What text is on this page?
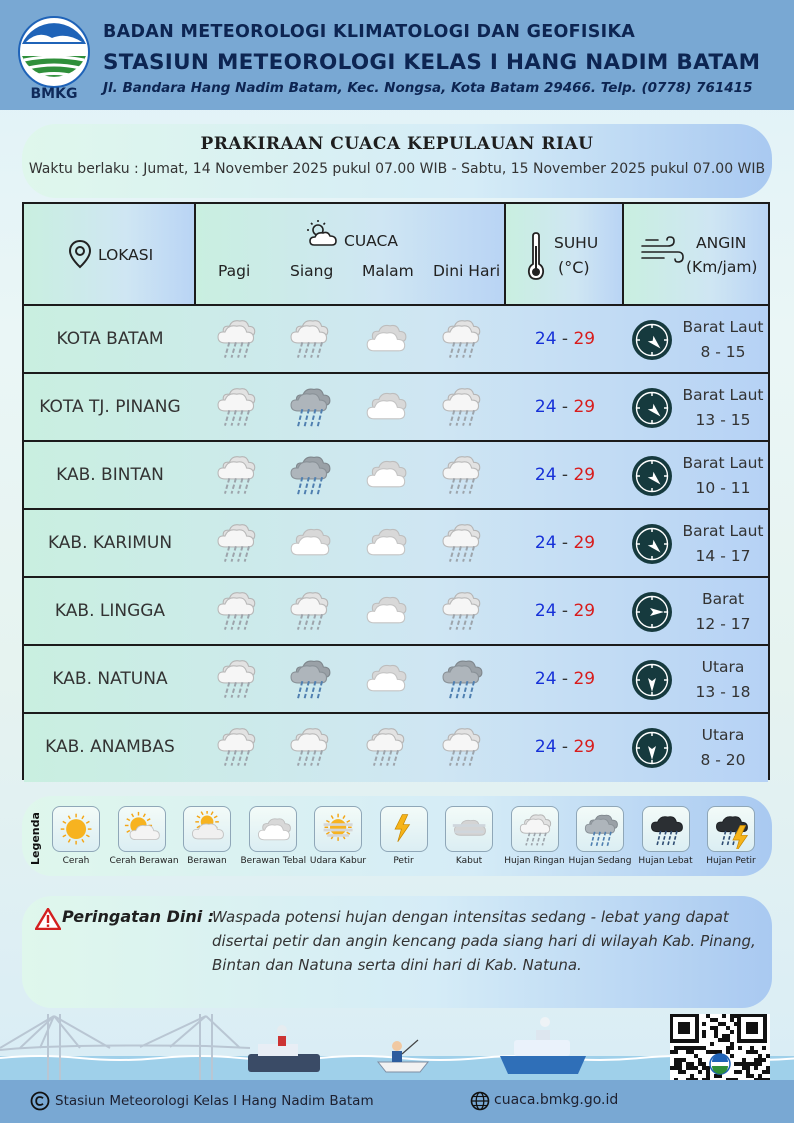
BMKG
BADAN METEOROLOGI KLIMATOLOGI DAN GEOFISIKA
STASIUN METEOROLOGI KELAS I HANG NADIM BATAM
Jl. Bandara Hang Nadim Batam, Kec. Nongsa, Kota Batam 29466. Telp. (0778) 761415
PRAKIRAAN CUACA KEPULAUAN RIAU
Waktu berlaku : Jumat, 14 November 2025 pukul 07.00 WIB - Sabtu, 15 November 2025 pukul 07.00 WIB
LOKASI
CUACA
Pagi	Siang Malam Dini Hari
SUHU
(°C)
ANGIN
(Km/jam)
KOTA BATAM	24 - 29
Barat Laut
8 - 15
KOTA TJ. PINANG	24 - 29
Barat Laut
13 - 15
KAB. BINTAN	24 - 29
Barat Laut
10 - 11
KAB. KARIMUN	24 - 29
Barat Laut
14 - 17
KAB. LINGGA	24 - 29
Barat
12 - 17
KAB. NATUNA	24 - 29
Utara
13 - 18
KAB. ANAMBAS	24 - 29
Utara
8 - 20
Legenda	Cerah	Cerah Berawan Berawan	Berawan Tebal Udara Kabur	Petir	Kabut	Hujan Ringan Hujan Sedang Hujan Lebat	Hujan Petir
Peringatan Dini :
Waspada potensi hujan dengan intensitas sedang - lebat yang dapat disertai petir dan angin kencang pada siang hari di wilayah Kab. Pinang, Bintan dan Natuna serta dini hari di Kab. Natuna.
Stasiun Meteorologi Kelas I Hang Nadim Batam	cuaca.bmkg.go.id
